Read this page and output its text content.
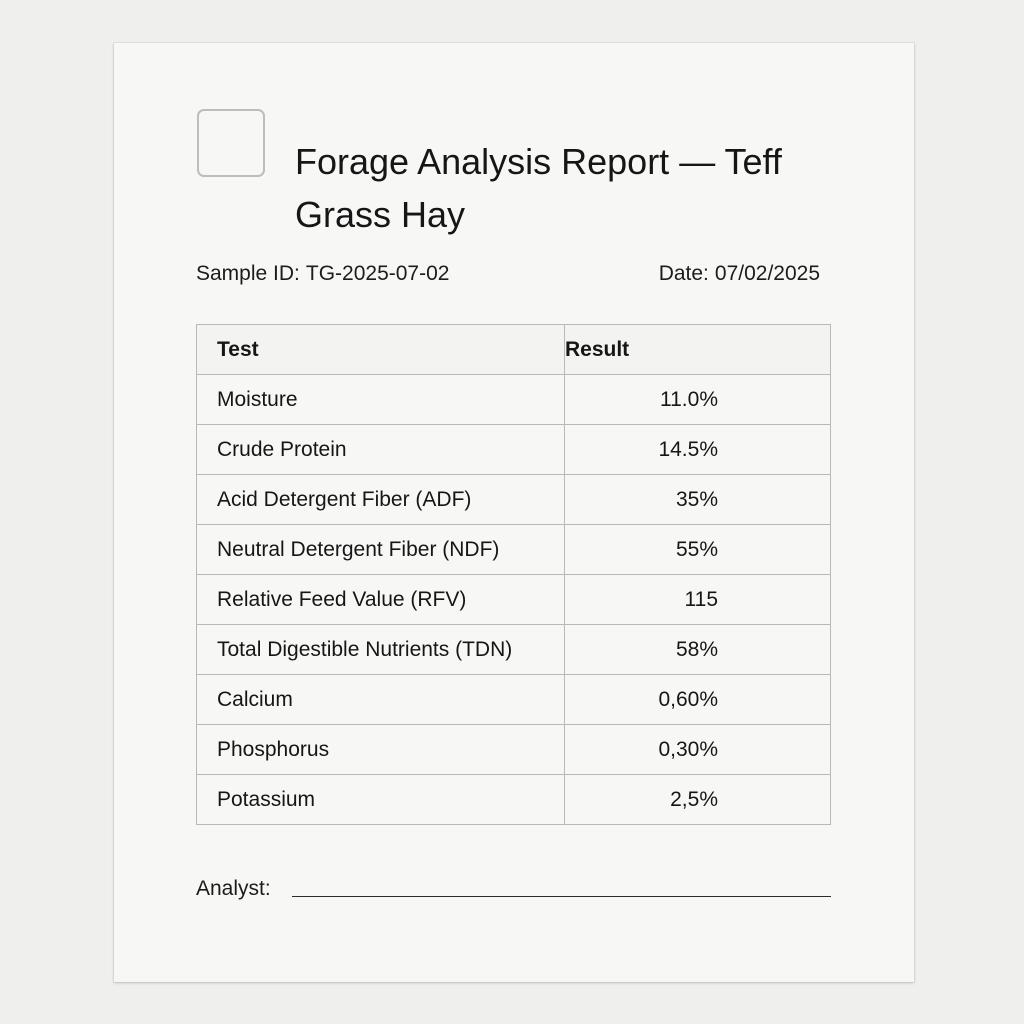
Forage Analysis Report — Teff Grass Hay
Sample ID: TG-2025-07-02	Date: 07/02/2025
Test	Result
Moisture	11.0%
Crude Protein	14.5%
Acid Detergent Fiber (ADF)	35%
Neutral Detergent Fiber (NDF)	55%
Relative Feed Value (RFV)	115
Total Digestible Nutrients (TDN)	58%
Calcium	0,60%
Phosphorus	0,30%
Potassium	2,5%
Analyst:
